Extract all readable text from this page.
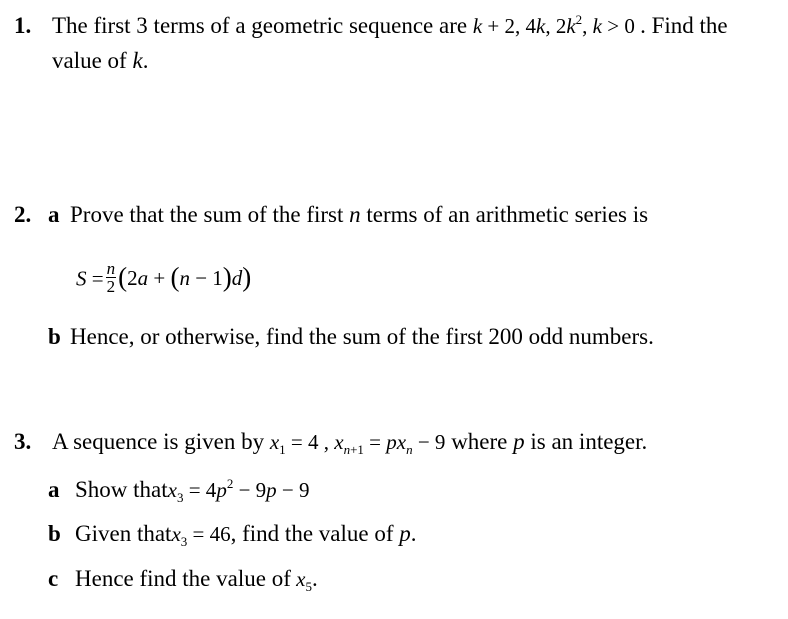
1. The first 3 terms of a geometric sequence are k + 2, 4k, $2k^2$, k > 0 . Find the
value of k.
2. a Prove that the sum of the first n terms of an arithmetic series is
$S = \frac{n}{2} (2a + (n - 1)d)$
b Hence, or otherwise, find the sum of the first 200 odd numbers.
3. A sequence is given by $x_1 = 4$ , $x_{n+1} = px_n - 9$ where p is an integer.
a Show thatx$_3$ = $4p^2 - 9p - 9$
b Given thatx$_3$ = 46, find the value of p.
c Hence find the value of $x_5$.
